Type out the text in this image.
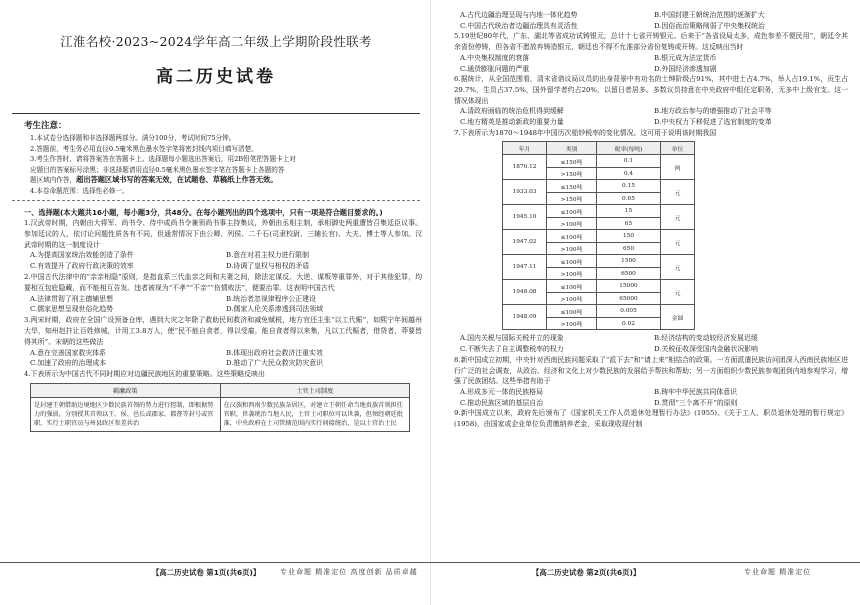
江淮名校·2023~2024学年高二年级上学期阶段性联考
高二历史试卷
考生注意：
1.本试卷分选择题和非选择题两部分。满分100分，考试时间75分钟。
2.答题前，考生务必用直径0.5毫米黑色墨水签字笔将密封线内项目填写清楚。
3.考生作答时，请将答案答在答题卡上。选择题每小题选出答案后，用2B铅笔把答题卡上对
应题目的答案标号涂黑；非选择题请用直径0.5毫米黑色墨水签字笔在答题卡上各题的答
题区域内作答，超出答题区域书写的答案无效，在试题卷、草稿纸上作答无效。
4.本卷命题范围：选择性必修一。
一、选择题(本大题共16小题，每小题3分，共48分。在每小题列出的四个选项中，只有一项是符合题目要求的。)
1.汉武帝时期，内朝由大将军、尚书令、侍中或尚书令兼领尚书事主持集议，外朝由丞相主制，承相御史两重遭皆召集廷臣议事。参加廷议的人，依讨论问题性质各有不同，但通常情况下由公卿、列侯、二千石(司隶校尉、三辅长官)、大夫、博士等人参加。汉武帝时期的这一制度设计
A.为提高国家统治效能创造了条件	B.意在对君主权力进行限制
C.有效提升了政府行政决策的效率	D.协调了皇权与相权的矛盾
2.中国古代法律中的“亲亲相隐”原则，是指直系三代血亲之间和夫妻之间，除法定谋反、大逆、谋叛等重罪外，对于其他犯罪，均要相互包庇隐藏，而不能相互告发。违者被视为“不孝”“不亲”“伤情败法”，便要治罪。这表明中国古代
A.法律贯彻了刑主德辅思想	B.统治者忽视律程序公正建设
C.儒家思想呈现世俗化趋势	D.儒家人伦关系渗透到司法领域
3.两宋时期，政府在全国广设预备仓库，遇到大灾之年除了救助民间救济和减免赋税，地方官还主张“以工代赈”，如熙宁年间越州大旱，知州赵抃让百姓修城，计用工3.8万人，使“民不能自食者，得以受雇，能自食者得以来集，凡以工代赈者，借贷者，莽要皆得其所”。宋朝的这些做法
A.意在完善国家救灾体系	B.体现出政府社会救济注重实效
C.加速了政府的治理成本	D.推动了广大民众救灾防灾意识
4.下表所示为中国古代不同时期应对边疆民族地区的重要策略。这些策略反映出
羁縻政策	土官土司制度
是封建王朝借助边境地区少数民族首领的势力进行控制，即根据势力的强弱，分别授其首领以王、侯、邑长或郡家、都督等封号或官职，实行土职官员与州县政区参差共治	在汉族和西南少数民族杂居区，对建立王朝任命当地贵族首领担任官职，世袭统治当地人民，土官土司职位可以世袭，但须经朝廷批准，中央政府在土司管辖范围内实行间接统治，是以土官治土民
【高二历史试卷 第1页(共6页)】	专业命题 精准定位 高度创新 品质卓越
A.古代边疆治理呈现与内地一体化趋势	B.中国封建王朝统治范围的逐渐扩大
C.中国古代统治者边疆治理具有灵活性	D.因俗而治策略削弱了中央集权统治
5.19世纪80年代，广东、湖北等省成功试铸银元，总计十七省开铸银元。后来于“各省设局太多，成色参差不便民用”，朝廷令其余省份停铸，但各省不愿放弃铸造银元，朝廷也不得不允准部分省份复铸或开铸。这反映出当时
A.中央集权制度的衰落	B.银元成为法定货币
C.通货膨胀问题的严重	D.外国经济渗透加剧
6.据统计，从全国范围看，清末省谘议局议员的出身背景中有功名的士绅阶级占91%，其中进士占4.7%，举人占19.1%，贡生占29.7%，生员占37.5%，国外留学者约占20%，以留日者居多。多数议员持意在中央政府中组任定职务，无多中上级官支。这一情况体现出
A.清政府面临的统治危机得到缓解	B.地方政治参与的增强推动了社会平等
C.地方精英是推动新政的重要力量	D.中央权力下移促进了选官制度的变革
7.下表所示为1870～1948年中国历次船钞税率的变化情况。这可用于说明该时期我国
年月	类别	税率(每吨)	单位
1870.12	≤150吨	0.1	两
	>150吨	0.4	
1933.03	≤150吨	0.15	元
	>150吨	0.65	
1945.10	≤100吨	15	元
	>100吨	65	
1947.02	≤100吨	150	元
	>100吨	650	
1947.11	≤100吨	1500	元
	>100吨	6500	
1948.08	≤100吨	15000	元
	>100吨	65000	
1948.09	≤100吨	0.005	金圆
	>100吨	0.02	
A.国内关税与国际关税并立的现象	B.经济结构的变动较经济发展迟缓
C.不断失去了自主调整税率的权力	D.关税征收深受国内金融状况影响
8.新中国成立初期，中央针对西南民族问题采取了“派下去”和“请上来”相结合的政策。一方面派遣民族访问团深入西南民族地区进行广泛的社会调查，从政治、经济和文化上对少数民族的发展给予帮扶和帮助；另一方面组织少数民族参观团到内地参观学习，增强了民族团结。这些举措有助于
A.形成多元一体的民族格局	B.铸牢中华民族共同体意识
C.推动民族区域的基层自治	D.贯彻“三个离不开”的原则
9.新中国成立以来，政府先后颁布了《国家机关工作人员退休处理暂行办法》(1955)、《关于工人、职员退休处理的暂行规定》(1958)，由国家或企业单位负责缴纳养老金，采取现收现付制
【高二历史试卷 第2页(共6页)】	专业命题 精准定位
